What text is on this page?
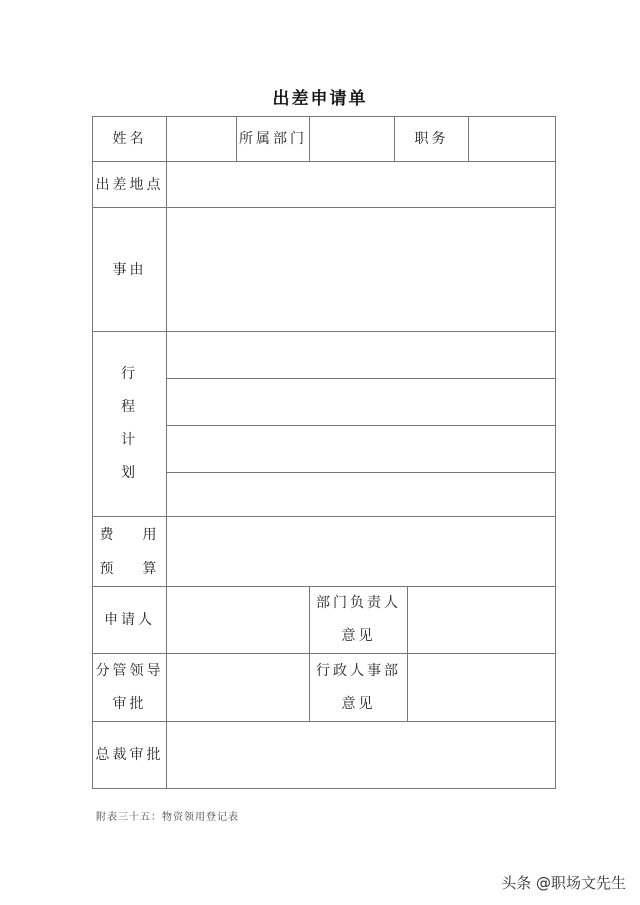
出差申请单
姓名	所属部门	职务
出差地点
事由
行
程
计
划
费 用
预 算
申请人
部门负责人
意见
分管领导
审批
行政人事部
意见
总裁审批
附表三十五：物资领用登记表
头条 @职场文先生
